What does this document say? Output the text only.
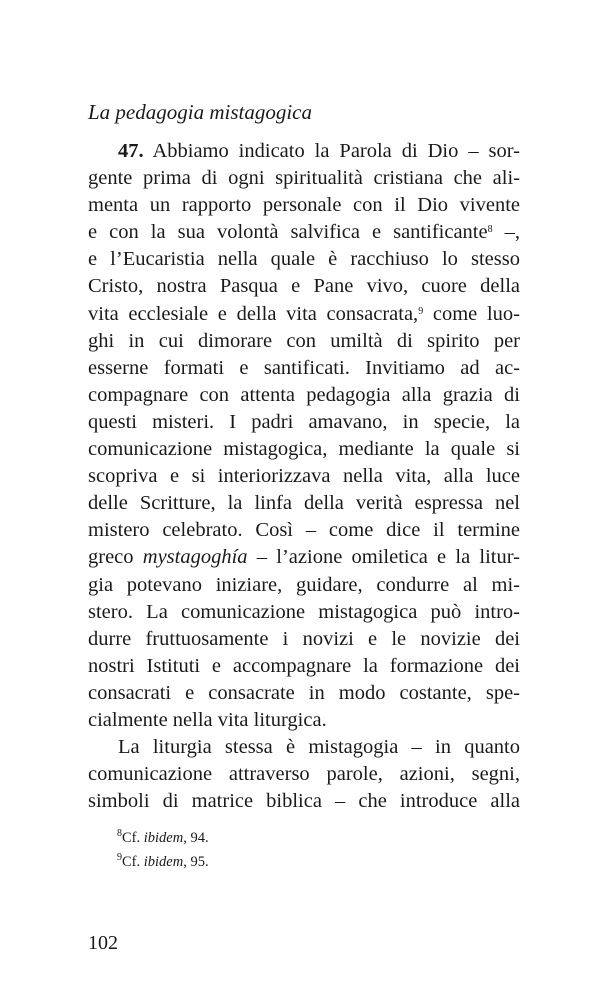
La pedagogia mistagogica
47. Abbiamo indicato la Parola di Dio – sor-
gente prima di ogni spiritualità cristiana che ali-
menta un rapporto personale con il Dio vivente
e con la sua volontà salvifica e santificante$^8$ –,
e l’Eucaristia nella quale è racchiuso lo stesso
Cristo, nostra Pasqua e Pane vivo, cuore della
vita ecclesiale e della vita consacrata,$^9$ come luo-
ghi in cui dimorare con umiltà di spirito per
esserne formati e santificati. Invitiamo ad ac-
compagnare con attenta pedagogia alla grazia di
questi misteri. I padri amavano, in specie, la
comunicazione mistagogica, mediante la quale si
scopriva e si interiorizzava nella vita, alla luce
delle Scritture, la linfa della verità espressa nel
mistero celebrato. Così – come dice il termine
greco mystagoghía – l’azione omiletica e la litur-
gia potevano iniziare, guidare, condurre al mi-
stero. La comunicazione mistagogica può intro-
durre fruttuosamente i novizi e le novizie dei
nostri Istituti e accompagnare la formazione dei
consacrati e consacrate in modo costante, spe-
cialmente nella vita liturgica.
La liturgia stessa è mistagogia – in quanto
comunicazione attraverso parole, azioni, segni,
simboli di matrice biblica – che introduce alla
$^8$Cf. ibidem, 94.
$^9$Cf. ibidem, 95.
102
